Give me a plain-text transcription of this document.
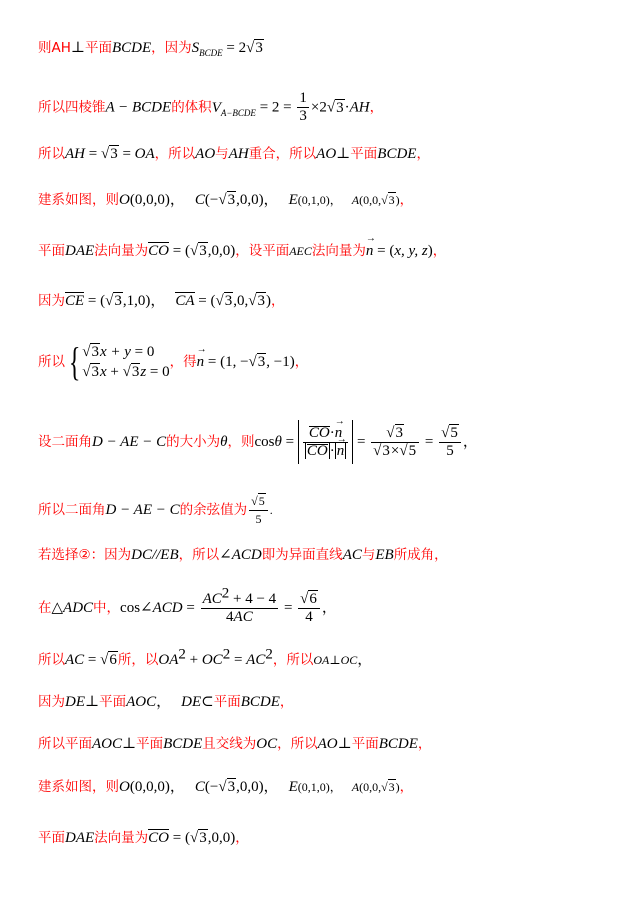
则AH⊥平面BCDE，因为$S_{BCDE} = 2√3$
所以四棱锥A − BCDE的体积$V_{A-BCDE} = 2 = \frac{1}{3} \times 2√3\cdot AH$，
所以AH = √3 = OA，所以AO与AH重合，所以AO⊥平面BCDE，
建系如图，则O(0,0,0)， C(−√3,0,0)， E(0,1,0)， A(0,0,√3)，
平面DAE法向量为CO = (√3,0,0)，设平面AEC法向量为→ n = (x, y, z)，
因为CE = (√3,1,0)， CA = (√3,0,√3)，
所以{ √3x + y = 0
√3x + √3z = 0
，得→ n = (1, −√3, −1)，
设二面角D − AE − C的大小为θ，则$\cos\theta = \frac{CO\cdot\to n}{CO \cdot\to n} = \frac{√3}{√3\times√5} = \frac{√5}{5}$ ，
所以二面角D − AE − C的余弦值为 $\frac{√5}{5}$ .
若选择②：因为DC//EB，所以∠ACD即为异面直线AC与EB所成角，
在△ADC中，cos∠ACD = $\frac{AC^2 + 4 - 4}{4AC} = \frac{√6}{4}$ ，
所以AC = √6所，以$OA^2 + OC^2 = AC^2$，所以OA⊥OC，
因为DE⊥平面AOC， DE⊂平面BCDE，
所以平面AOC⊥平面BCDE且交线为OC，所以AO⊥平面BCDE，
建系如图，则O(0,0,0)， C(−√3,0,0)， E(0,1,0)， A(0,0,√3)，
平面DAE法向量为CO = (√3,0,0)，
